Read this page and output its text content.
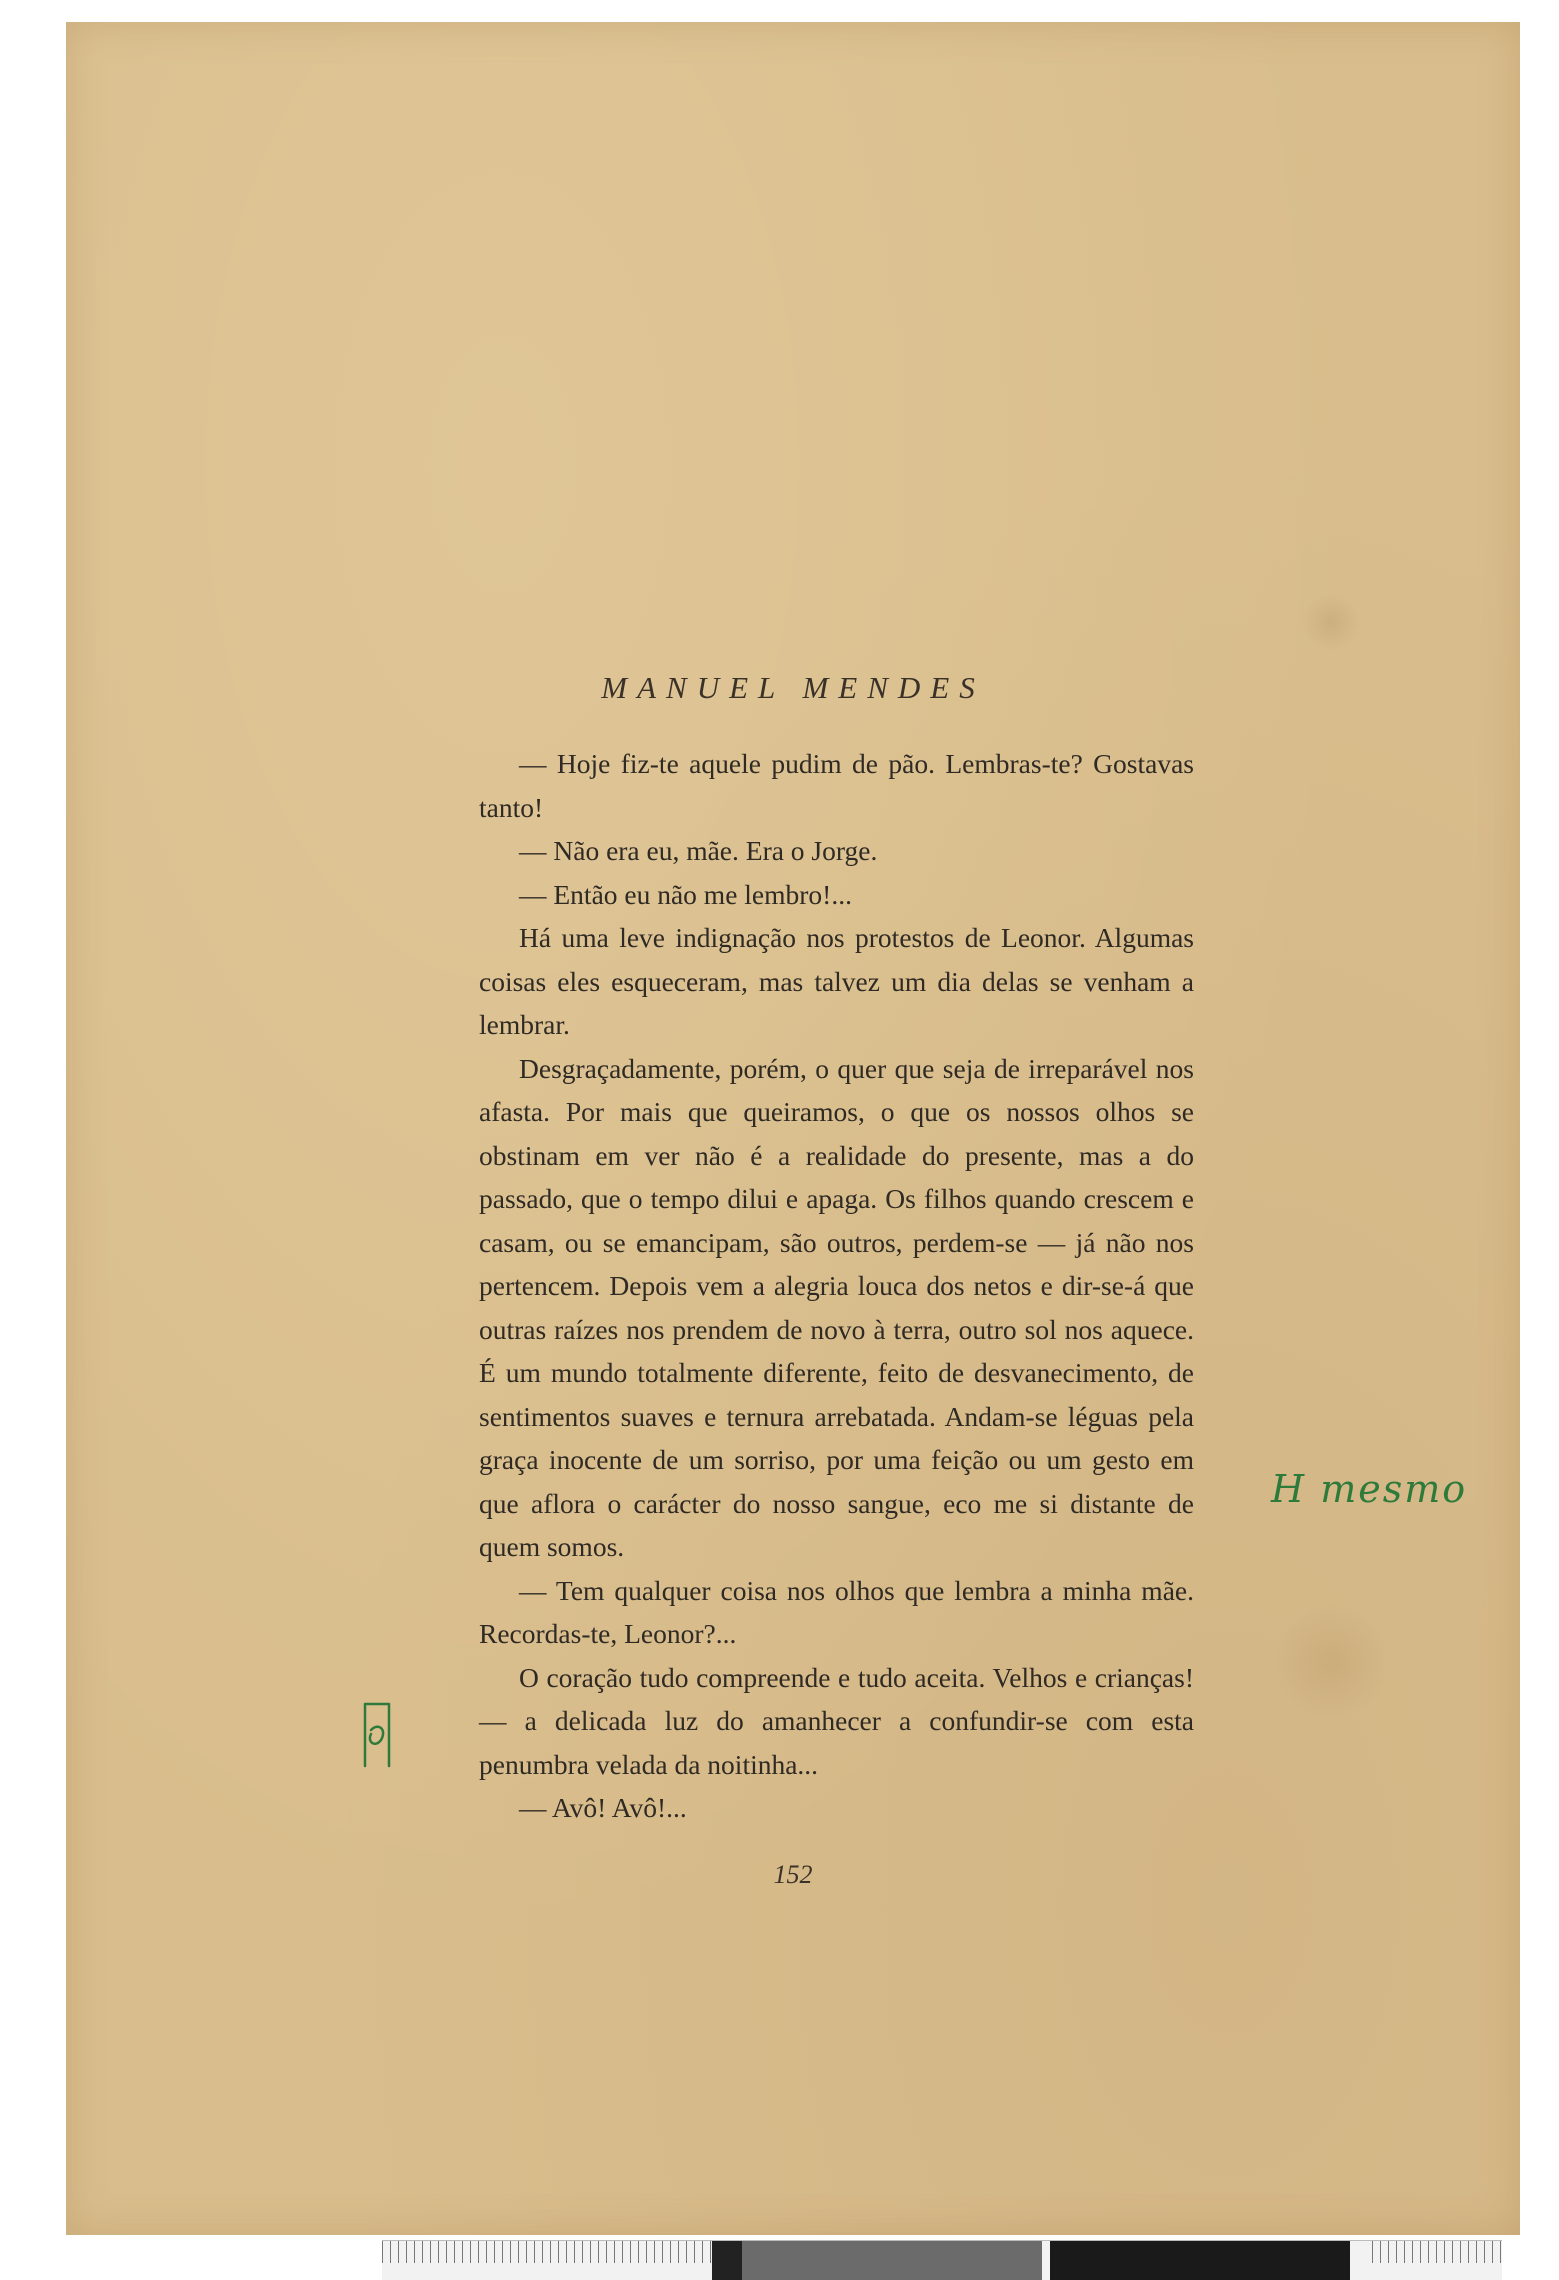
MANUEL MENDES

— Hoje fiz-te aquele pudim de pão. Lembras-te? Gostavas tanto!

— Não era eu, mãe. Era o Jorge.

— Então eu não me lembro!...

Há uma leve indignação nos protestos de Leonor. Algumas coisas eles esqueceram, mas talvez um dia delas se venham a lembrar.

Desgraçadamente, porém, o quer que seja de irreparável nos afasta. Por mais que queiramos, o que os nossos olhos se obstinam em ver não é a realidade do presente, mas a do passado, que o tempo dilui e apaga. Os filhos quando crescem e casam, ou se emancipam, são outros, perdem-se — já não nos pertencem. Depois vem a alegria louca dos netos e dir-se-á que outras raízes nos prendem de novo à terra, outro sol nos aquece. É um mundo totalmente diferente, feito de desvanecimento, de sentimentos suaves e ternura arrebatada. Andam-se léguas pela graça inocente de um sorriso, por uma feição ou um gesto em que aflora o carácter do nosso sangue, eco me si distante de quem somos.

— Tem qualquer coisa nos olhos que lembra a minha mãe. Recordas-te, Leonor?...

O coração tudo compreende e tudo aceita. Velhos e crianças! — a delicada luz do amanhecer a confundir-se com esta penumbra velada da noitinha...

— Avô! Avô!...

152
H mesmo
